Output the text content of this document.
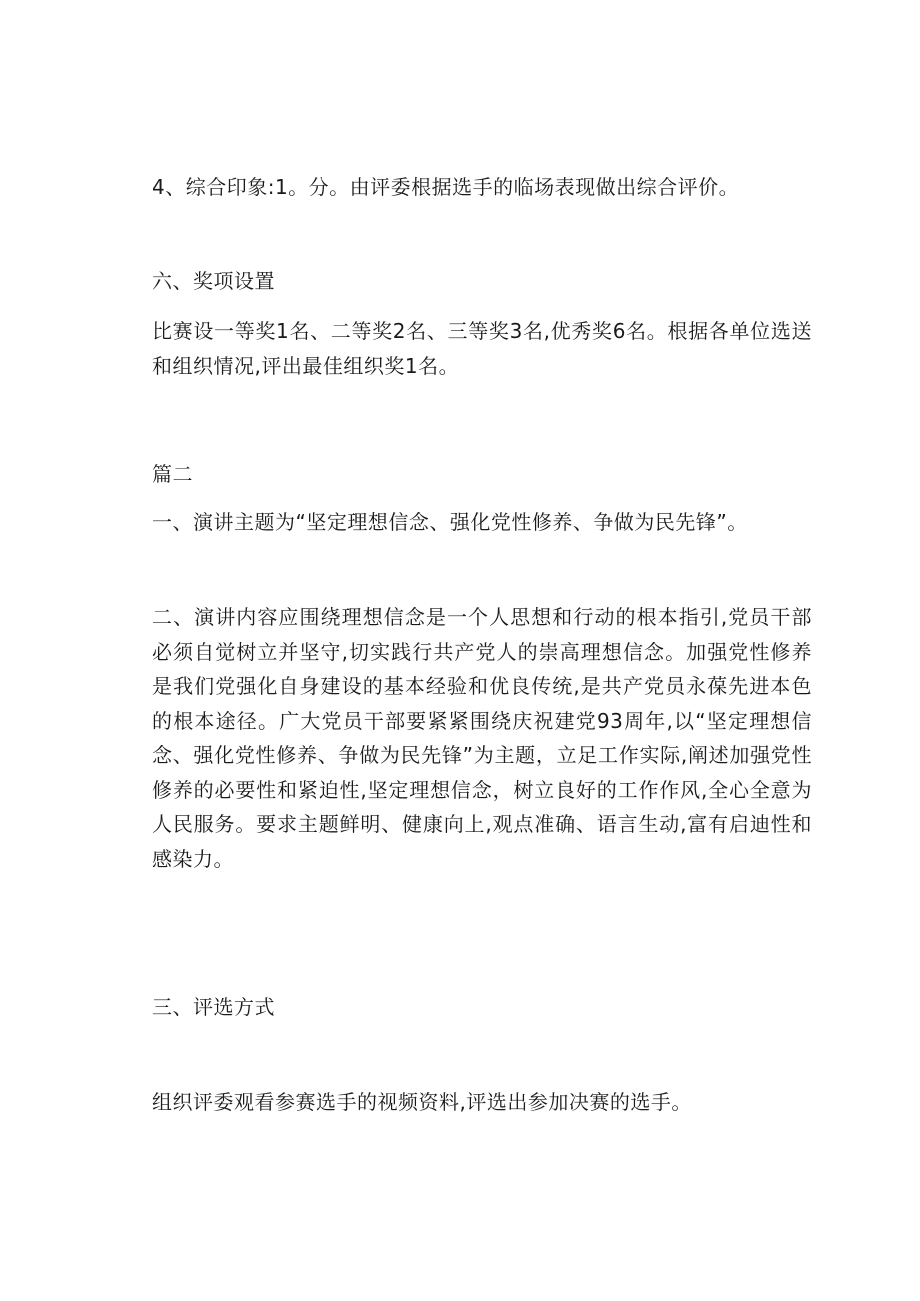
4、综合印象:1。分。由评委根据选手的临场表现做出综合评价。
六、奖项设置
比赛设一等奖1名、二等奖2名、三等奖3名,优秀奖6名。根据各单位选送和组织情况,评出最佳组织奖1名。
篇二
一、演讲主题为“坚定理想信念、强化党性修养、争做为民先锋”。
二、演讲内容应围绕理想信念是一个人思想和行动的根本指引,党员干部必须自觉树立并坚守,切实践行共产党人的崇高理想信念。加强党性修养是我们党强化自身建设的基本经验和优良传统,是共产党员永葆先进本色的根本途径。广大党员干部要紧紧围绕庆祝建党93周年,以“坚定理想信念、强化党性修养、争做为民先锋”为主题，立足工作实际,阐述加强党性修养的必要性和紧迫性,坚定理想信念，树立良好的工作作风,全心全意为人民服务。要求主题鲜明、健康向上,观点准确、语言生动,富有启迪性和感染力。
三、评选方式
组织评委观看参赛选手的视频资料,评选出参加决赛的选手。
